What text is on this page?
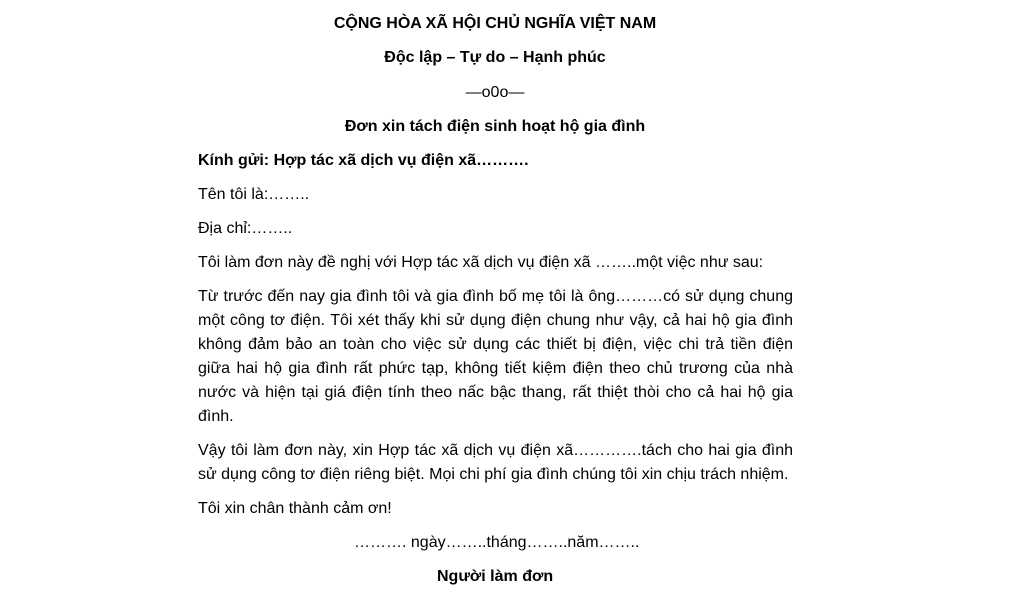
CỘNG HÒA XÃ HỘI CHỦ NGHĨA VIỆT NAM
Độc lập – Tự do – Hạnh phúc
—o0o—
Đơn xin tách điện sinh hoạt hộ gia đình
Kính gửi: Hợp tác xã dịch vụ điện xã……….
Tên tôi là:……..
Địa chỉ:……..
Tôi làm đơn này đề nghị với Hợp tác xã dịch vụ điện xã ……..một việc như sau:
Từ trước đến nay gia đình tôi và gia đình bố mẹ tôi là ông………có sử dụng chung một công tơ điện. Tôi xét thấy khi sử dụng điện chung như vậy, cả hai hộ gia đình không đảm bảo an toàn cho việc sử dụng các thiết bị điện, việc chi trả tiền điện giữa hai hộ gia đình rất phức tạp, không tiết kiệm điện theo chủ trương của nhà nước và hiện tại giá điện tính theo nấc bậc thang, rất thiệt thòi cho cả hai hộ gia đình.
Vậy tôi làm đơn này, xin Hợp tác xã dịch vụ điện xã………….tách cho hai gia đình sử dụng công tơ điện riêng biệt. Mọi chi phí gia đình chúng tôi xin chịu trách nhiệm.
Tôi xin chân thành cảm ơn!
………. ngày……..tháng……..năm……..
Người làm đơn
